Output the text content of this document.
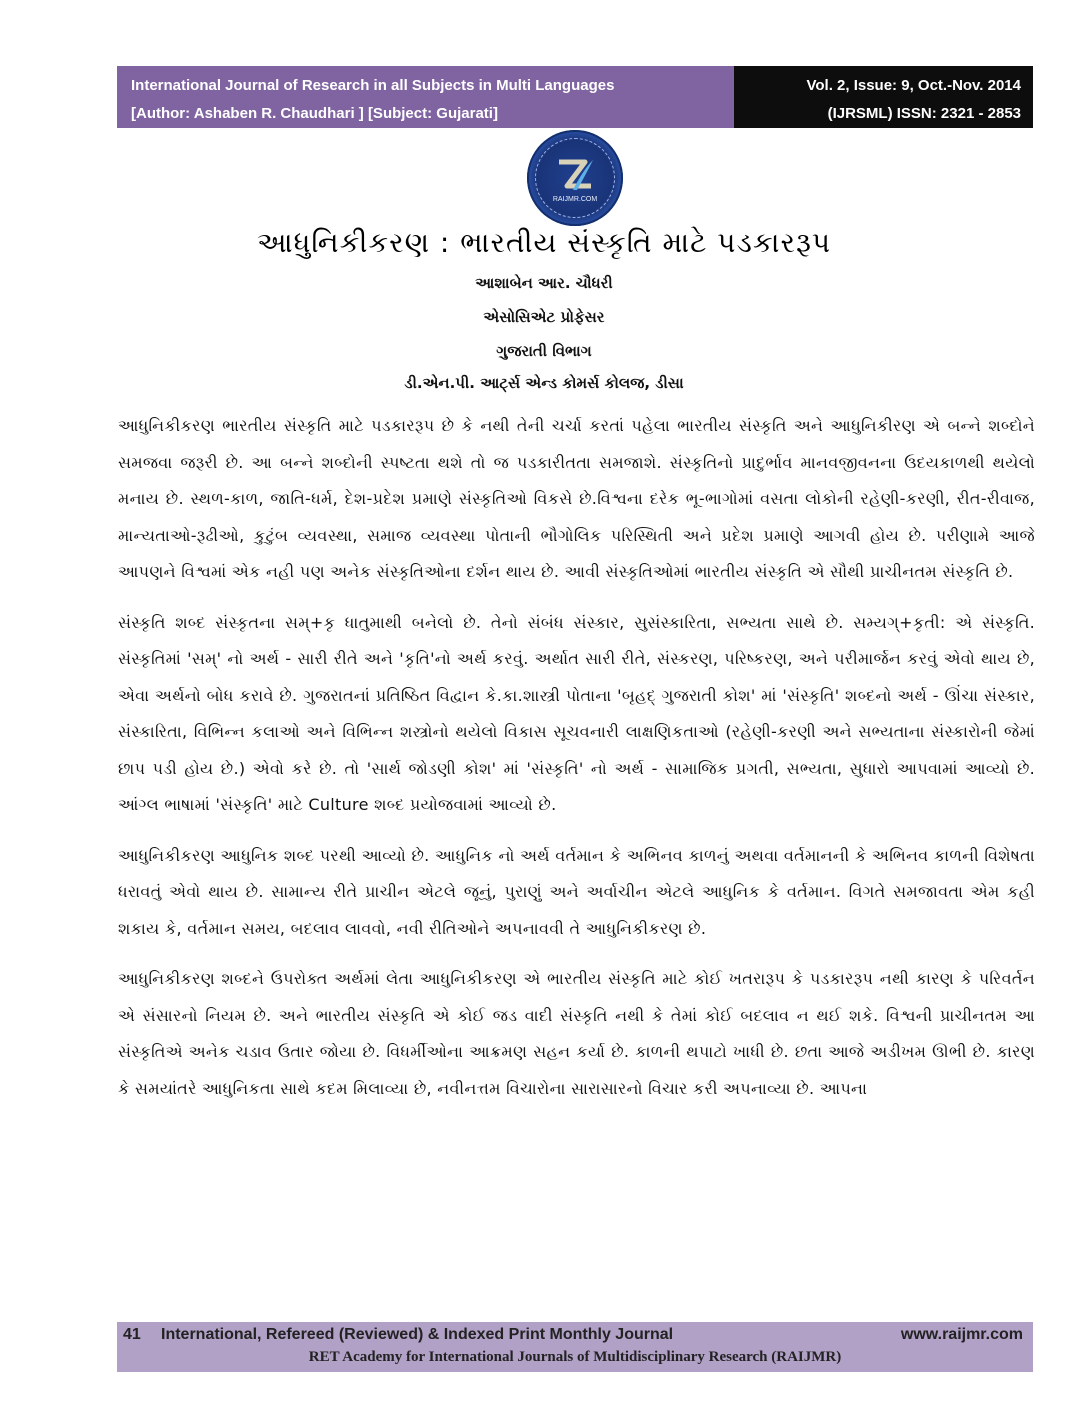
International Journal of Research in all Subjects in Multi Languages
[Author: Ashaben R. Chaudhari ] [Subject: Gujarati]
Vol. 2, Issue: 9, Oct.-Nov. 2014
(IJRSML) ISSN: 2321 - 2853
RAIJMR.COM
આધુનિકીકરણ : ભારતીય સંસ્કૃતિ માટે પડકારરૂપ
આશાબેન આર. ચૌધરી
એસોસિએટ પ્રોફેસર
ગુજરાતી વિભાગ
ડી.એન.પી. આર્ટ્સ એન્ડ કોમર્સ કોલજ, ડીસા

આધુનિકીકરણ ભારતીય સંસ્કૃતિ માટે પડકારરૂપ છે કે નથી તેની ચર્ચા કરતાં પહેલા ભારતીય સંસ્કૃતિ અને આધુનિકીરણ એ બન્ને શબ્દોને સમજવા જરૂરી છે. આ બન્ને શબ્દોની સ્પષ્ટતા થશે તો જ પડકારીતતા સમજાશે. સંસ્કૃતિનો પ્રાદુર્ભાવ માનવજીવનના ઉદયકાળથી થયેલો મનાય છે. સ્થળ-કાળ, જાતિ-ધર્મ, દેશ-પ્રદેશ પ્રમાણે સંસ્કૃતિઓ વિકસે છે.વિશ્વના દરેક ભૂ-ભાગોમાં વસતા લોકોની રહેણી-કરણી, રીત-રીવાજ, માન્યતાઓ-રૂઢીઓ, કુટુંબ વ્યવસ્થા, સમાજ વ્યવસ્થા પોતાની ભૌગોલિક પરિસ્થિતી અને પ્રદેશ પ્રમાણે આગવી હોય છે. પરીણામે આજે આપણને વિશ્વમાં એક નહી પણ અનેક સંસ્કૃતિઓના દર્શન થાય છે. આવી સંસ્કૃતિઓમાં ભારતીય સંસ્કૃતિ એ સૌથી પ્રાચીનતમ સંસ્કૃતિ છે.

સંસ્કૃતિ શબ્દ સંસ્કૃતના સમ્+કૃ ધાતુમાથી બનેલો છે. તેનો સંબંધ સંસ્કાર, સુસંસ્કારિતા, સભ્યતા સાથે છે. સમ્યગ્+કૃતી: એ સંસ્કૃતિ. સંસ્કૃતિમાં 'સમ્' નો અર્થ - સારી રીતે અને 'કૃતિ'નો અર્થ કરવું. અર્થાત સારી રીતે, સંસ્કરણ, પરિષ્કરણ, અને પરીમાર્જન કરવું એવો થાય છે, એવા અર્થનો બોધ કરાવે છે. ગુજરાતનાં પ્રતિષ્ઠિત વિદ્વાન કે.કા.શાસ્ત્રી પોતાના 'બૃહદ્ ગુજરાતી કોશ' માં 'સંસ્કૃતિ' શબ્દનો અર્થ - ઊંચા સંસ્કાર, સંસ્કારિતા, વિભિન્ન કલાઓ અને વિભિન્ન શસ્ત્રોનો થયેલો વિકાસ સૂચવનારી લાક્ષણિકતાઓ (રહેણી-કરણી અને સભ્યતાના સંસ્કારોની જેમાં છાપ પડી હોય છે.) એવો કરે છે. તો 'સાર્થ જોડણી કોશ' માં 'સંસ્કૃતિ' નો અર્થ - સામાજિક પ્રગતી, સભ્યતા, સુધારો આપવામાં આવ્યો છે. આંગ્લ ભાષામાં 'સંસ્કૃતિ' માટે Culture શબ્દ પ્રયોજવામાં આવ્યો છે.

આધુનિકીકરણ આધુનિક શબ્દ પરથી આવ્યો છે. આધુનિક નો અર્થ વર્તમાન કે અભિનવ કાળનું અથવા વર્તમાનની કે અભિનવ કાળની વિશેષતા ધરાવતું એવો થાય છે. સામાન્ય રીતે પ્રાચીન એટલે જૂનું, પુરાણું અને અર્વાચીન એટલે આધુનિક કે વર્તમાન. વિગતે સમજાવતા એમ કહી શકાય કે, વર્તમાન સમય, બદલાવ લાવવો, નવી રીતિઓને અપનાવવી તે આધુનિકીકરણ છે.

આધુનિકીકરણ શબ્દને ઉપરોક્ત અર્થમાં લેતા આધુનિકીકરણ એ ભારતીય સંસ્કૃતિ માટે કોઈ ખતરારૂપ કે પડકારરૂપ નથી કારણ કે પરિવર્તન એ સંસારનો નિયમ છે. અને ભારતીય સંસ્કૃતિ એ કોઈ જડ વાદી સંસ્કૃતિ નથી કે તેમાં કોઈ બદલાવ ન થઈ શકે. વિશ્વની પ્રાચીનતમ આ સંસ્કૃતિએ અનેક ચડાવ ઉતાર જોયા છે. વિધર્મીઓના આક્રમણ સહન કર્યા છે. કાળની થપાટો ખાધી છે. છતા આજે અડીખમ ઊભી છે. કારણ કે સમયાંતરે આધુનિકતા સાથે કદમ મિલાવ્યા છે, નવીનત્તમ વિચારોના સારાસારનો વિચાર કરી અપનાવ્યા છે. આપના

41 International, Refereed (Reviewed) & Indexed Print Monthly Journal	www.raijmr.com
RET Academy for International Journals of Multidisciplinary Research (RAIJMR)
